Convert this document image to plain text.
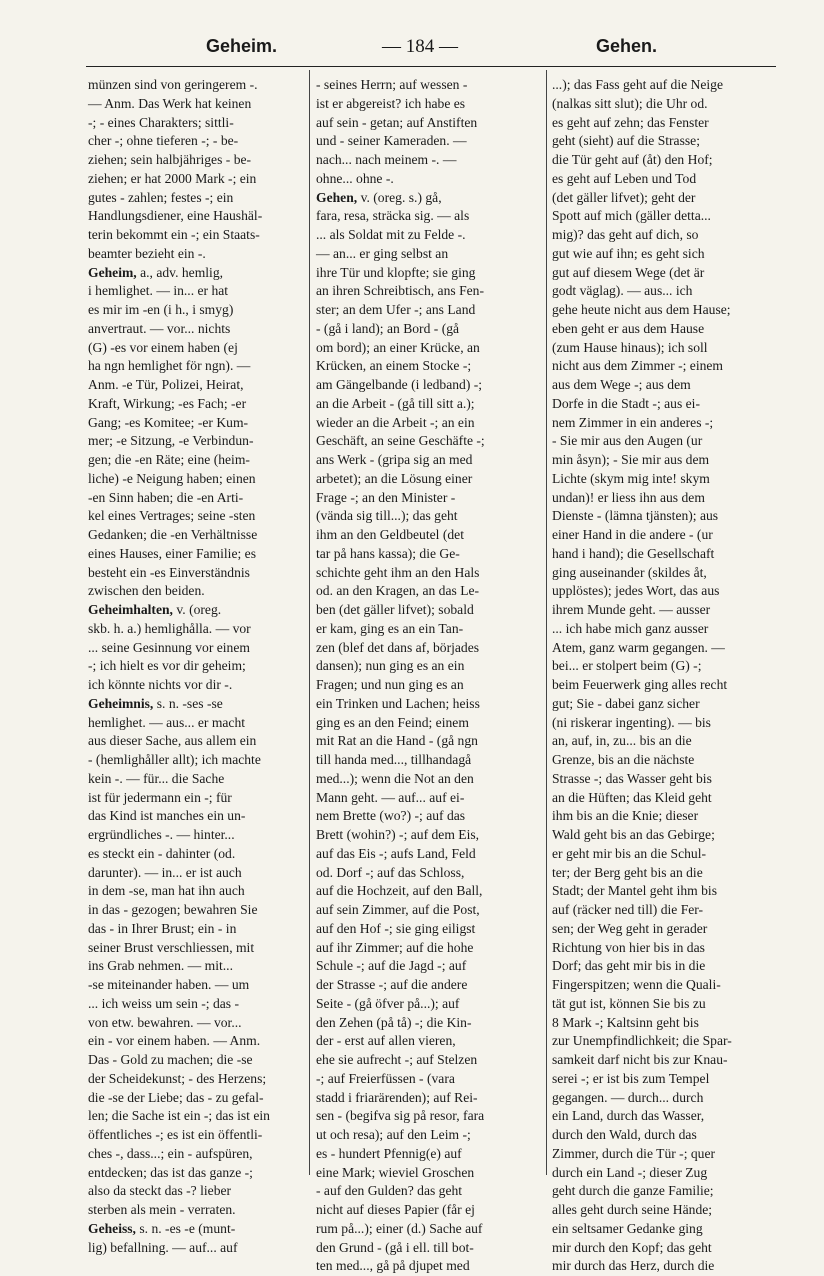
Geheim.	— 184 —	Gehen.
münzen sind von geringerem -.
— Anm. Das Werk hat keinen
-; - eines Charakters; sittli-
cher -; ohne tieferen -; - be-
ziehen; sein halbjähriges - be-
ziehen; er hat 2000 Mark -; ein
gutes - zahlen; festes -; ein
Handlungsdiener, eine Haushäl-
terin bekommt ein -; ein Staats-
beamter bezieht ein -.
Geheim, a., adv. hemlig,
i hemlighet. — in... er hat
es mir im -en (i h., i smyg)
anvertraut. — vor... nichts
(G) -es vor einem haben (ej
ha ngn hemlighet för ngn). —
Anm. -e Tür, Polizei, Heirat,
Kraft, Wirkung; -es Fach; -er
Gang; -es Komitee; -er Kum-
mer; -e Sitzung, -e Verbindun-
gen; die -en Räte; eine (heim-
liche) -e Neigung haben; einen
-en Sinn haben; die -en Arti-
kel eines Vertrages; seine -sten
Gedanken; die -en Verhältnisse
eines Hauses, einer Familie; es
besteht ein -es Einverständnis
zwischen den beiden.
Geheimhalten, v. (oreg.
skb. h. a.) hemlighålla. — vor
... seine Gesinnung vor einem
-; ich hielt es vor dir geheim;
ich könnte nichts vor dir -.
Geheimnis, s. n. -ses -se
hemlighet. — aus... er macht
aus dieser Sache, aus allem ein
- (hemlighåller allt); ich machte
kein -. — für... die Sache
ist für jedermann ein -; für
das Kind ist manches ein un-
ergründliches -. — hinter...
es steckt ein - dahinter (od.
darunter). — in... er ist auch
in dem -se, man hat ihn auch
in das - gezogen; bewahren Sie
das - in Ihrer Brust; ein - in
seiner Brust verschliessen, mit
ins Grab nehmen. — mit...
-se miteinander haben. — um
... ich weiss um sein -; das -
von etw. bewahren. — vor...
ein - vor einem haben. — Anm.
Das - Gold zu machen; die -se
der Scheidekunst; - des Herzens;
die -se der Liebe; das - zu gefal-
len; die Sache ist ein -; das ist ein
öffentliches -; es ist ein öffentli-
ches -, dass...; ein - aufspüren,
entdecken; das ist das ganze -;
also da steckt das -? lieber
sterben als mein - verraten.
Geheiss, s. n. -es -e (munt-
lig) befallning. — auf... auf
- seines Herrn; auf wessen -
ist er abgereist? ich habe es
auf sein - getan; auf Anstiften
und - seiner Kameraden. —
nach... nach meinem -. —
ohne... ohne -.
Gehen, v. (oreg. s.) gå,
fara, resa, sträcka sig. — als
... als Soldat mit zu Felde -.
— an... er ging selbst an
ihre Tür und klopfte; sie ging
an ihren Schreibtisch, ans Fen-
ster; an dem Ufer -; ans Land
- (gå i land); an Bord - (gå
om bord); an einer Krücke, an
Krücken, an einem Stocke -;
am Gängelbande (i ledband) -;
an die Arbeit - (gå till sitt a.);
wieder an die Arbeit -; an ein
Geschäft, an seine Geschäfte -;
ans Werk - (gripa sig an med
arbetet); an die Lösung einer
Frage -; an den Minister -
(vända sig till...); das geht
ihm an den Geldbeutel (det
tar på hans kassa); die Ge-
schichte geht ihm an den Hals
od. an den Kragen, an das Le-
ben (det gäller lifvet); sobald
er kam, ging es an ein Tan-
zen (blef det dans af, börjades
dansen); nun ging es an ein
Fragen; und nun ging es an
ein Trinken und Lachen; heiss
ging es an den Feind; einem
mit Rat an die Hand - (gå ngn
till handa med..., tillhandagå
med...); wenn die Not an den
Mann geht. — auf... auf ei-
nem Brette (wo?) -; auf das
Brett (wohin?) -; auf dem Eis,
auf das Eis -; aufs Land, Feld
od. Dorf -; auf das Schloss,
auf die Hochzeit, auf den Ball,
auf sein Zimmer, auf die Post,
auf den Hof -; sie ging eiligst
auf ihr Zimmer; auf die hohe
Schule -; auf die Jagd -; auf
der Strasse -; auf die andere
Seite - (gå öfver på...); auf
den Zehen (på tå) -; die Kin-
der - erst auf allen vieren,
ehe sie aufrecht -; auf Stelzen
-; auf Freierfüssen - (vara
stadd i friarärenden); auf Rei-
sen - (begifva sig på resor, fara
ut och resa); auf den Leim -;
es - hundert Pfennig(e) auf
eine Mark; wieviel Groschen
- auf den Gulden? das geht
nicht auf dieses Papier (får ej
rum på...); einer (d.) Sache auf
den Grund - (gå i ell. till bot-
ten med..., gå på djupet med
...); das Fass geht auf die Neige
(nalkas sitt slut); die Uhr od.
es geht auf zehn; das Fenster
geht (sieht) auf die Strasse;
die Tür geht auf (åt) den Hof;
es geht auf Leben und Tod
(det gäller lifvet); geht der
Spott auf mich (gäller detta...
mig)? das geht auf dich, so
gut wie auf ihn; es geht sich
gut auf diesem Wege (det är
godt väglag). — aus... ich
gehe heute nicht aus dem Hause;
eben geht er aus dem Hause
(zum Hause hinaus); ich soll
nicht aus dem Zimmer -; einem
aus dem Wege -; aus dem
Dorfe in die Stadt -; aus ei-
nem Zimmer in ein anderes -;
- Sie mir aus den Augen (ur
min åsyn); - Sie mir aus dem
Lichte (skym mig inte! skym
undan)! er liess ihn aus dem
Dienste - (lämna tjänsten); aus
einer Hand in die andere - (ur
hand i hand); die Gesellschaft
ging auseinander (skildes åt,
upplöstes); jedes Wort, das aus
ihrem Munde geht. — ausser
... ich habe mich ganz ausser
Atem, ganz warm gegangen. —
bei... er stolpert beim (G) -;
beim Feuerwerk ging alles recht
gut; Sie - dabei ganz sicher
(ni riskerar ingenting). — bis
an, auf, in, zu... bis an die
Grenze, bis an die nächste
Strasse -; das Wasser geht bis
an die Hüften; das Kleid geht
ihm bis an die Knie; dieser
Wald geht bis an das Gebirge;
er geht mir bis an die Schul-
ter; der Berg geht bis an die
Stadt; der Mantel geht ihm bis
auf (räcker ned till) die Fer-
sen; der Weg geht in gerader
Richtung von hier bis in das
Dorf; das geht mir bis in die
Fingerspitzen; wenn die Quali-
tät gut ist, können Sie bis zu
8 Mark -; Kaltsinn geht bis
zur Unempfindlichkeit; die Spar-
samkeit darf nicht bis zur Knau-
serei -; er ist bis zum Tempel
gegangen. — durch... durch
ein Land, durch das Wasser,
durch den Wald, durch das
Zimmer, durch die Tür -; quer
durch ein Land -; dieser Zug
geht durch die ganze Familie;
alles geht durch seine Hände;
ein seltsamer Gedanke ging
mir durch den Kopf; das geht
mir durch das Herz, durch die
